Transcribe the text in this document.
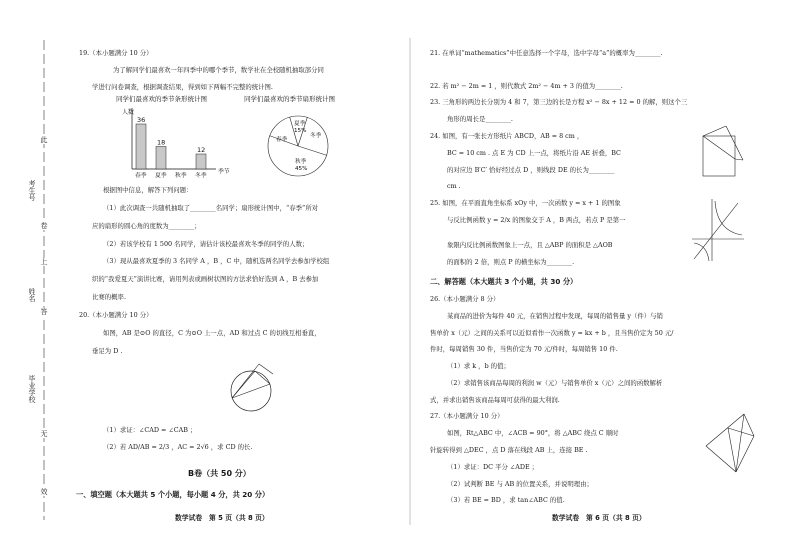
考生号
姓名
毕业学校
此
卷
上
答
无
效
19.（本小题满分 10 分）
为了解同学们最喜欢一年四季中的哪个季节，数学社在全校随机抽取部分同
学进行问卷调查，根据调查结果，得到如下两幅不完整的统计图.
同学们最喜欢的季节条形统计图
人数
36
春季
18
夏季 秋季
12
冬季
季节
同学们最喜欢的季节扇形统计图
春季
夏季
15%
冬季
秋季
45%
根据图中信息，解答下列问题：
（1）此次调查一共随机抽取了________名同学；扇形统计图中，“春季”所对
应的扇形的圆心角的度数为________；
（2）若该学校有 1 500 名同学，请估计该校最喜欢冬季的同学的人数；
（3）现从最喜欢夏季的 3 名同学 A ，B ，C 中，随机选两名同学去参加学校组
织的“我爱夏天”演讲比赛，请用列表或画树状图的方法求恰好选到 A ，B 去参加
比赛的概率.
20.（本小题满分 10 分）
如图，AB 是⊙O 的直径，C 为⊙O 上一点，AD 和过点 C 的切线互相垂直，
垂足为 D .
（1）求证：∠CAD = ∠CAB ；
（2）若 AD/AB = 2/3 ，AC = 2√6 ，求 CD 的长.
B卷（共 50 分）
一、填空题（本大题共 5 个小题，每小题 4 分，共 20 分）
数学试卷　第 5 页（共 8 页）
21. 在单词“mathematics”中任意选择一个字母，选中字母“a”的概率为________.
22. 若 m² − 2m = 1 ，则代数式 2m² − 4m + 3 的值为________.
23. 三角形的两边长分别为 4 和 7，第三边的长是方程 x² − 8x + 12 = 0 的解，则这个三
角形的周长是________.
24. 如图，有一张长方形纸片 ABCD，AB = 8 cm ，
BC = 10 cm . 点 E 为 CD 上一点，将纸片沿 AE 折叠，BC
的对应边 B′C′ 恰好经过点 D ，则线段 DE 的长为________
cm .
25. 如图，在平面直角坐标系 xOy 中，一次函数 y = x + 1 的图象
与反比例函数 y = 2/x 的图象交于 A ，B 两点，若点 P 是第一
象限内反比例函数图象上一点，且 △ABP 的面积是 △AOB
的面积的 2 倍，则点 P 的横坐标为________.
二、解答题（本大题共 3 个小题，共 30 分）
26.（本小题满分 8 分）
某商品的进价为每件 40 元，在销售过程中发现，每周的销售量 y（件）与销
售单价 x（元）之间的关系可以近似看作一次函数 y = kx + b ，且当售价定为 50 元/
件时，每周销售 30 件，当售价定为 70 元/件时，每周销售 10 件.
（1）求 k ，b 的值；
（2）求销售该商品每周的利润 w（元）与销售单价 x（元）之间的函数解析
式，并求出销售该商品每周可获得的最大利润.
27.（本小题满分 10 分）
如图，Rt△ABC 中，∠ACB = 90°，将 △ABC 绕点 C 顺时
针旋转得到 △DEC ，点 D 落在线段 AB 上，连接 BE .
（1）求证：DC 平分 ∠ADE ；
（2）试判断 BE 与 AB 的位置关系，并说明理由；
（3）若 BE = BD ，求 tan∠ABC 的值.
数学试卷　第 6 页（共 8 页）
